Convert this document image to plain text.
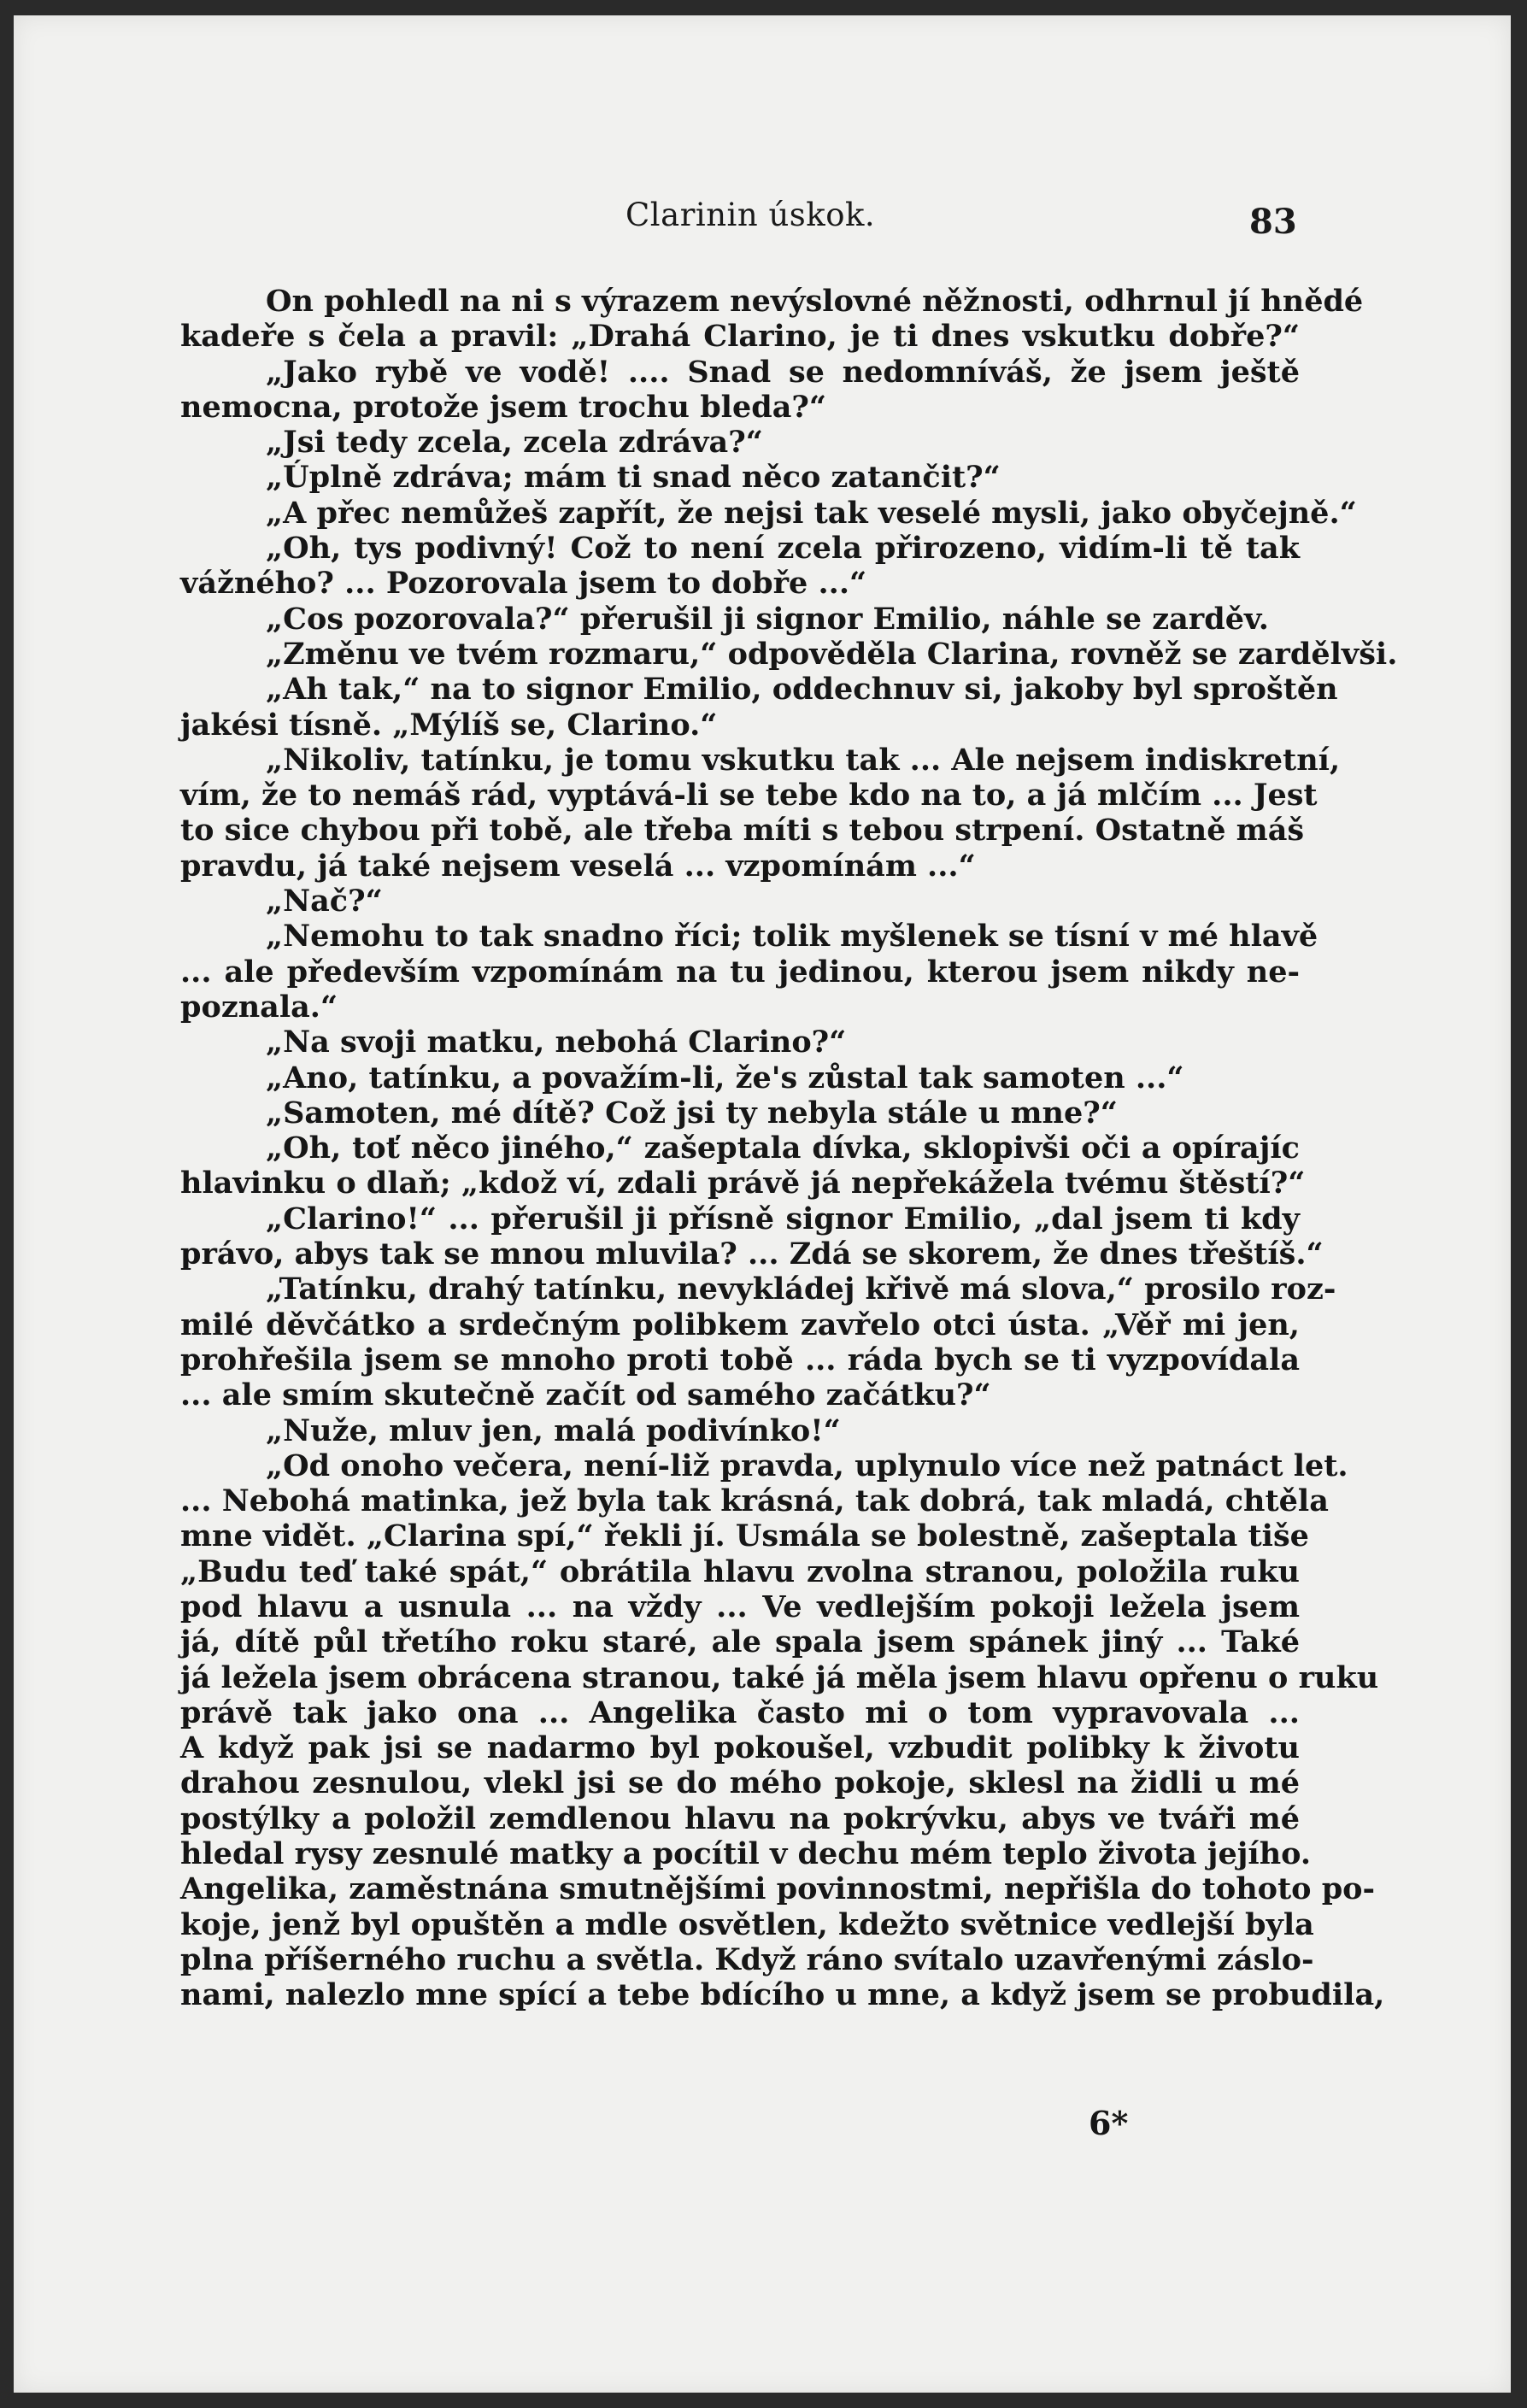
Clarinin úskok.	83
On pohledl na ni s výrazem nevýslovné něžnosti, odhrnul jí hnědé
kadeře s čela a pravil: „Drahá Clarino, je ti dnes vskutku dobře?“
„Jako rybě ve vodě! .... Snad se nedomníváš, že jsem ještě
nemocna, protože jsem trochu bleda?“
„Jsi tedy zcela, zcela zdráva?“
„Úplně zdráva; mám ti snad něco zatančit?“
„A přec nemůžeš zapřít, že nejsi tak veselé mysli, jako obyčejně.“
„Oh, tys podivný! Což to není zcela přirozeno, vidím-li tě tak
vážného? ... Pozorovala jsem to dobře ...“
„Cos pozorovala?“ přerušil ji signor Emilio, náhle se zarděv.
„Změnu ve tvém rozmaru,“ odpověděla Clarina, rovněž se zardělvši.
„Ah tak,“ na to signor Emilio, oddechnuv si, jakoby byl sproštěn
jakési tísně. „Mýlíš se, Clarino.“
„Nikoliv, tatínku, je tomu vskutku tak ... Ale nejsem indiskretní,
vím, že to nemáš rád, vyptává-li se tebe kdo na to, a já mlčím ... Jest
to sice chybou při tobě, ale třeba míti s tebou strpení. Ostatně máš
pravdu, já také nejsem veselá ... vzpomínám ...“
„Nač?“
„Nemohu to tak snadno říci; tolik myšlenek se tísní v mé hlavě
... ale především vzpomínám na tu jedinou, kterou jsem nikdy ne-
poznala.“
„Na svoji matku, nebohá Clarino?“
„Ano, tatínku, a považím-li, že's zůstal tak samoten ...“
„Samoten, mé dítě? Což jsi ty nebyla stále u mne?“
„Oh, toť něco jiného,“ zašeptala dívka, sklopivši oči a opírajíc
hlavinku o dlaň; „kdož ví, zdali právě já nepřekážela tvému štěstí?“
„Clarino!“ ... přerušil ji přísně signor Emilio, „dal jsem ti kdy
právo, abys tak se mnou mluvila? ... Zdá se skorem, že dnes třeštíš.“
„Tatínku, drahý tatínku, nevykládej křivě má slova,“ prosilo roz-
milé děvčátko a srdečným polibkem zavřelo otci ústa. „Věř mi jen,
prohřešila jsem se mnoho proti tobě ... ráda bych se ti vyzpovídala
... ale smím skutečně začít od samého začátku?“
„Nuže, mluv jen, malá podivínko!“
„Od onoho večera, není-liž pravda, uplynulo více než patnáct let.
... Nebohá matinka, jež byla tak krásná, tak dobrá, tak mladá, chtěla
mne vidět. „Clarina spí,“ řekli jí. Usmála se bolestně, zašeptala tiše
„Budu teď také spát,“ obrátila hlavu zvolna stranou, položila ruku
pod hlavu a usnula ... na vždy ... Ve vedlejším pokoji ležela jsem
já, dítě půl třetího roku staré, ale spala jsem spánek jiný ... Také
já ležela jsem obrácena stranou, také já měla jsem hlavu opřenu o ruku
právě tak jako ona ... Angelika často mi o tom vypravovala ...
A když pak jsi se nadarmo byl pokoušel, vzbudit polibky k životu
drahou zesnulou, vlekl jsi se do mého pokoje, sklesl na židli u mé
postýlky a položil zemdlenou hlavu na pokrývku, abys ve tváři mé
hledal rysy zesnulé matky a pocítil v dechu mém teplo života jejího.
Angelika, zaměstnána smutnějšími povinnostmi, nepřišla do tohoto po-
koje, jenž byl opuštěn a mdle osvětlen, kdežto světnice vedlejší byla
plna příšerného ruchu a světla. Když ráno svítalo uzavřenými záslo-
nami, nalezlo mne spící a tebe bdícího u mne, a když jsem se probudila,
6*
